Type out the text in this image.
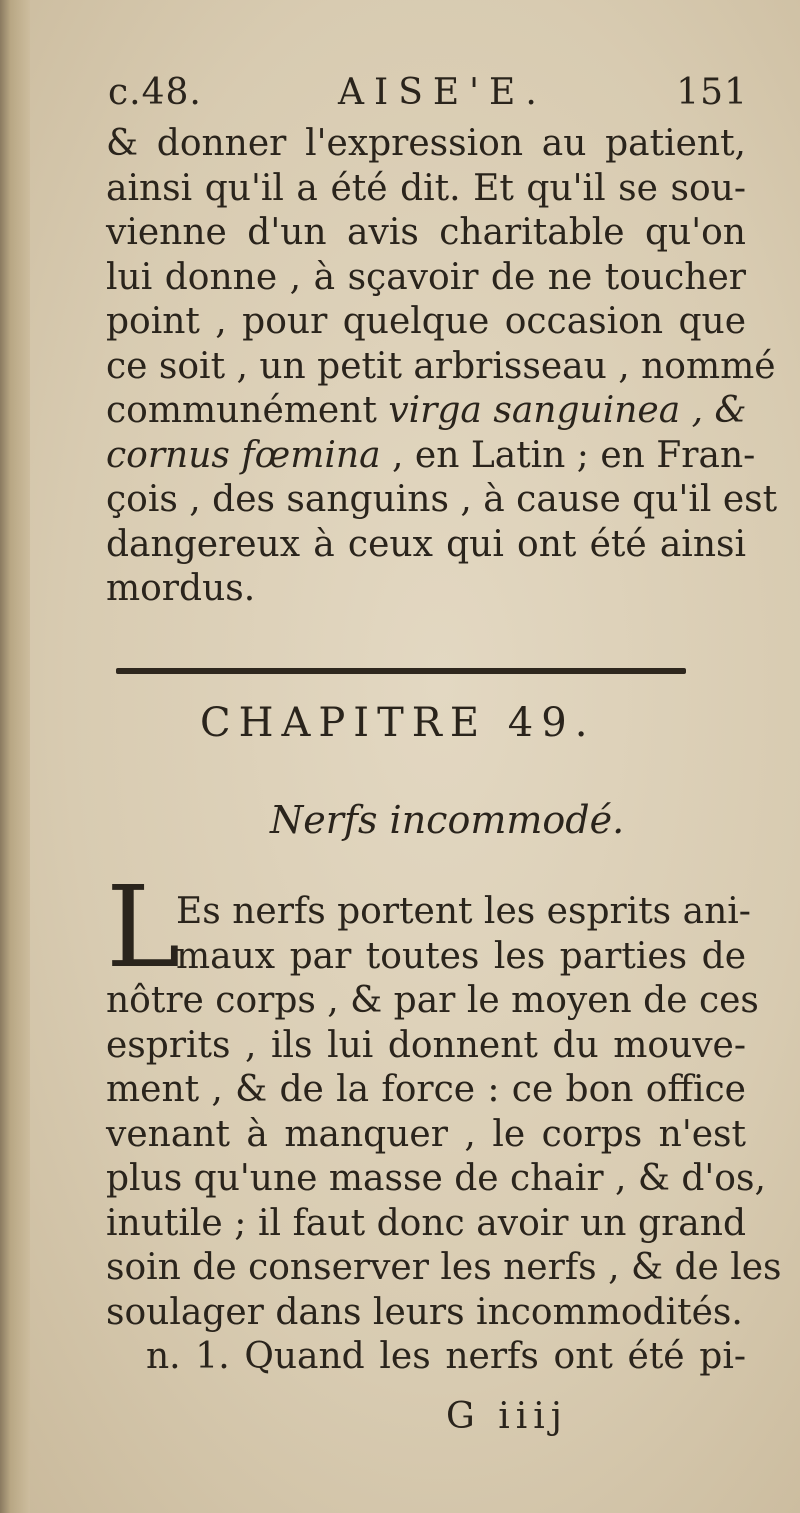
c.48.	AISE'E.	151
& donner l'expression au patient,
ainsi qu'il a été dit. Et qu'il se sou-
vienne d'un avis charitable qu'on
lui donne , à sçavoir de ne toucher
point , pour quelque occasion que
ce soit , un petit arbrisseau , nommé
communément virga sanguinea , &
cornus fœmina , en Latin ; en Fran-
çois , des sanguins , à cause qu'il est
dangereux à ceux qui ont été ainsi
mordus.
CHAPITRE 49.
Nerfs incommodé.
L
Es nerfs portent les esprits ani-
maux par toutes les parties de
nôtre corps , & par le moyen de ces
esprits , ils lui donnent du mouve-
ment , & de la force : ce bon office
venant à manquer , le corps n'est
plus qu'une masse de chair , & d'os,
inutile ; il faut donc avoir un grand
soin de conserver les nerfs , & de les
soulager dans leurs incommodités.
n. 1. Quand les nerfs ont été pi-
G iiij
